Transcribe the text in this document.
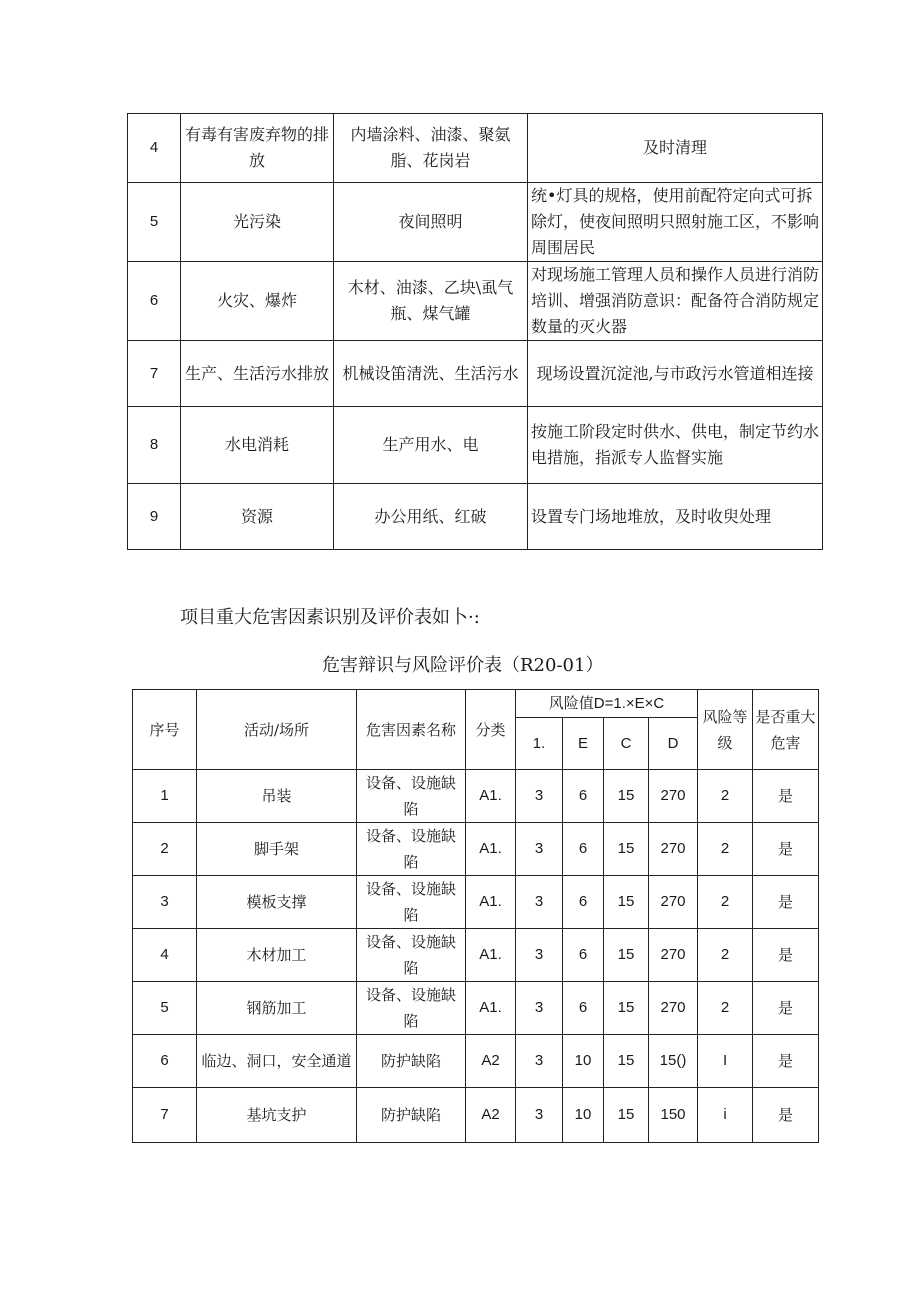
4	有毒有害废弃物的排放	内墙涂料、油漆、聚氨脂、花岗岩	及时清理
5	光污染	夜间照明	统•灯具的规格，使用前配符定向式可拆除灯，使夜间照明只照射施工区，不影响周围居民
6	火灾、爆炸	木材、油漆、乙块\虱气瓶、煤气罐	对现场施工管理人员和操作人员进行消防培训、增强消防意识：配备符合消防规定数量的灭火器
7	生产、生活污水排放	机械设笛清洗、生活污水	现场设置沉淀池,与市政污水管道相连接
8	水电消耗	生产用水、电	按施工阶段定时供水、供电，制定节约水电措施，指派专人监督实施
9	资源	办公用纸、红破	设置专门场地堆放，及时收臾处理
项目重大危害因素识别及评价表如卜·:
危害辩识与风险评价表（R20-01）
序号	活动/场所	危害因素名称	分类	风险值D=1.×E×C				风险等级	是否重大危害
				1.	E	C	D		
1	吊装	设备、设施缺陷	A1.	3	6	15	270	2	是
2	脚手架	设备、设施缺陷	A1.	3	6	15	270	2	是
3	模板支撑	设备、设施缺陷	A1.	3	6	15	270	2	是
4	木材加工	设备、设施缺陷	A1.	3	6	15	270	2	是
5	钢筋加工	设备、设施缺陷	A1.	3	6	15	270	2	是
6	临边、洞口，安全通道	防护缺陷	A2	3	10	15	15()	I	是
7	基坑支护	防护缺陷	A2	3	10	15	150	i	是
